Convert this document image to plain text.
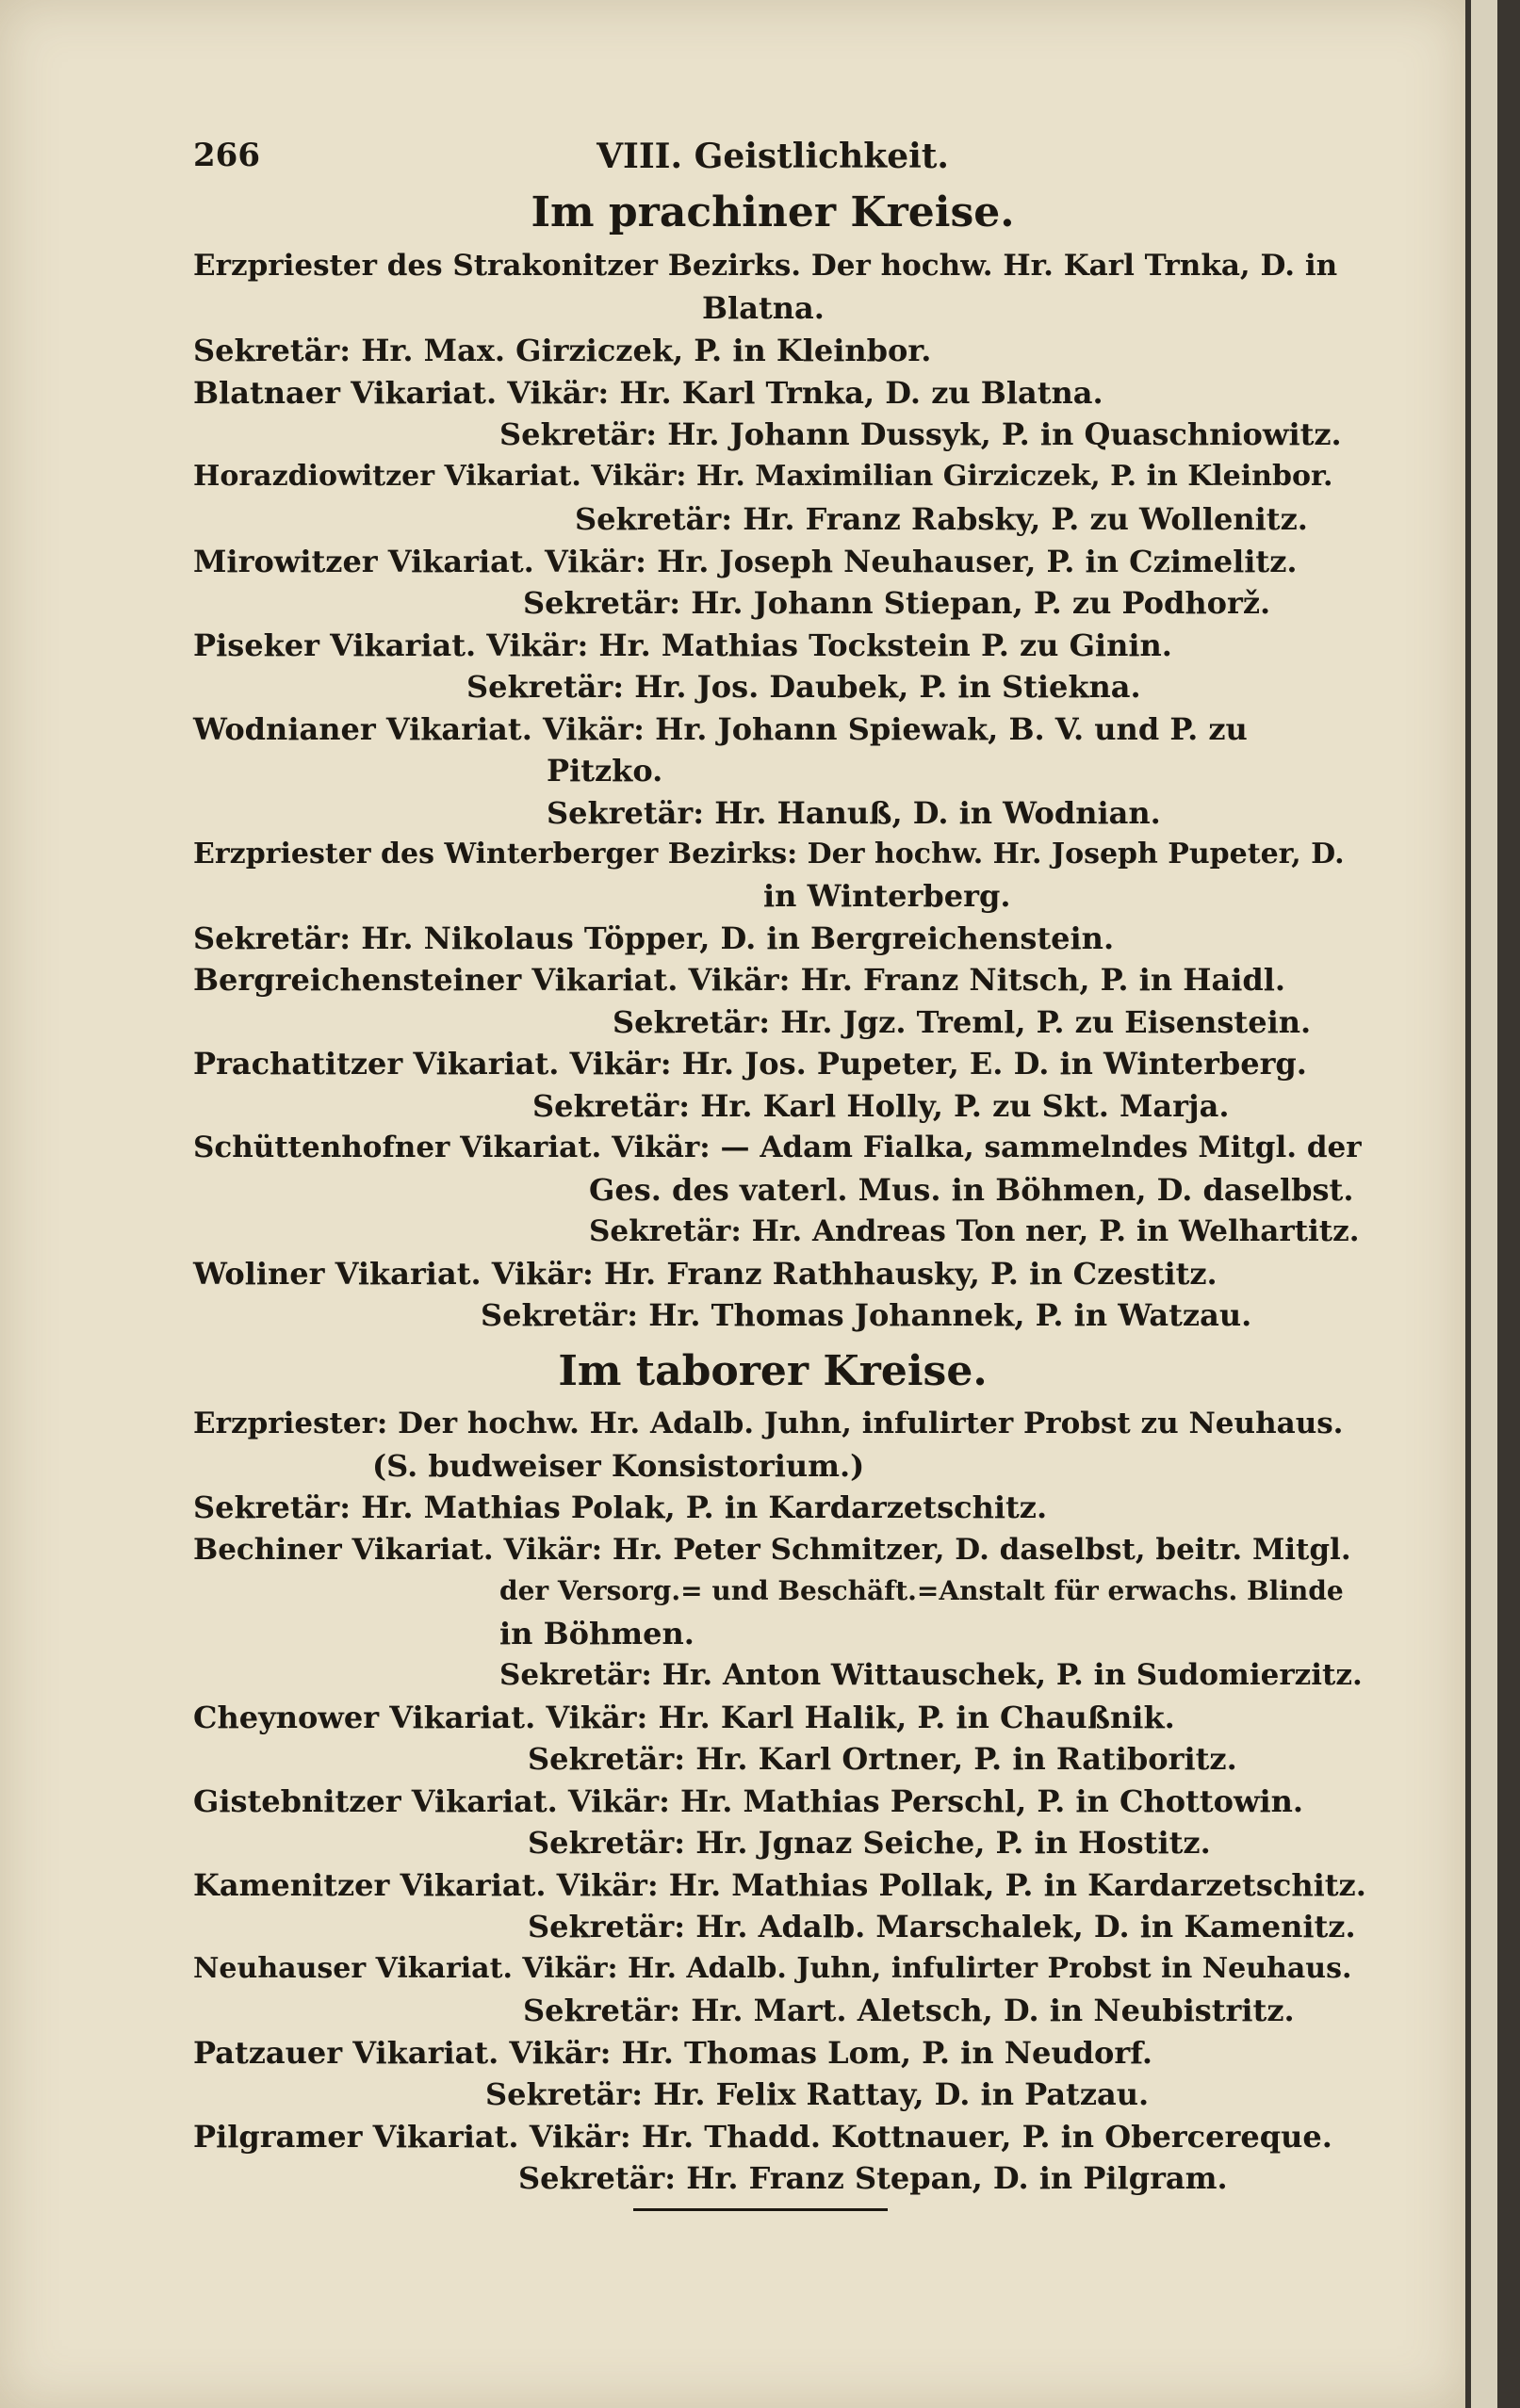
266	VIII. Geistlichkeit.
Im prachiner Kreise.
Erzpriester des Strakonitzer Bezirks. Der hochw. Hr. Karl Trnka, D. in
Blatna.
Sekretär: Hr. Max. Girziczek, P. in Kleinbor.
Blatnaer Vikariat. Vikär: Hr. Karl Trnka, D. zu Blatna.
Sekretär: Hr. Johann Dussyk, P. in Quaschniowitz.
Horazdiowitzer Vikariat. Vikär: Hr. Maximilian Girziczek, P. in Kleinbor.
Sekretär: Hr. Franz Rabsky, P. zu Wollenitz.
Mirowitzer Vikariat. Vikär: Hr. Joseph Neuhauser, P. in Czimelitz.
Sekretär: Hr. Johann Stiepan, P. zu Podhorž.
Piseker Vikariat. Vikär: Hr. Mathias Tockstein P. zu Ginin.
Sekretär: Hr. Jos. Daubek, P. in Stiekna.
Wodnianer Vikariat. Vikär: Hr. Johann Spiewak, B. V. und P. zu
Pitzko.
Sekretär: Hr. Hanuß, D. in Wodnian.
Erzpriester des Winterberger Bezirks: Der hochw. Hr. Joseph Pupeter, D.
in Winterberg.
Sekretär: Hr. Nikolaus Töpper, D. in Bergreichenstein.
Bergreichensteiner Vikariat. Vikär: Hr. Franz Nitsch, P. in Haidl.
Sekretär: Hr. Jgz. Treml, P. zu Eisenstein.
Prachatitzer Vikariat. Vikär: Hr. Jos. Pupeter, E. D. in Winterberg.
Sekretär: Hr. Karl Holly, P. zu Skt. Marja.
Schüttenhofner Vikariat. Vikär: — Adam Fialka, sammelndes Mitgl. der
Ges. des vaterl. Mus. in Böhmen, D. daselbst.
Sekretär: Hr. Andreas Ton ner, P. in Welhartitz.
Woliner Vikariat. Vikär: Hr. Franz Rathhausky, P. in Czestitz.
Sekretär: Hr. Thomas Johannek, P. in Watzau.
Im taborer Kreise.
Erzpriester: Der hochw. Hr. Adalb. Juhn, infulirter Probst zu Neuhaus.
(S. budweiser Konsistorium.)
Sekretär: Hr. Mathias Polak, P. in Kardarzetschitz.
Bechiner Vikariat. Vikär: Hr. Peter Schmitzer, D. daselbst, beitr. Mitgl.
der Versorg.= und Beschäft.=Anstalt für erwachs. Blinde
in Böhmen.
Sekretär: Hr. Anton Wittauschek, P. in Sudomierzitz.
Cheynower Vikariat. Vikär: Hr. Karl Halik, P. in Chaußnik.
Sekretär: Hr. Karl Ortner, P. in Ratiboritz.
Gistebnitzer Vikariat. Vikär: Hr. Mathias Perschl, P. in Chottowin.
Sekretär: Hr. Jgnaz Seiche, P. in Hostitz.
Kamenitzer Vikariat. Vikär: Hr. Mathias Pollak, P. in Kardarzetschitz.
Sekretär: Hr. Adalb. Marschalek, D. in Kamenitz.
Neuhauser Vikariat. Vikär: Hr. Adalb. Juhn, infulirter Probst in Neuhaus.
Sekretär: Hr. Mart. Aletsch, D. in Neubistritz.
Patzauer Vikariat. Vikär: Hr. Thomas Lom, P. in Neudorf.
Sekretär: Hr. Felix Rattay, D. in Patzau.
Pilgramer Vikariat. Vikär: Hr. Thadd. Kottnauer, P. in Obercereque.
Sekretär: Hr. Franz Stepan, D. in Pilgram.
